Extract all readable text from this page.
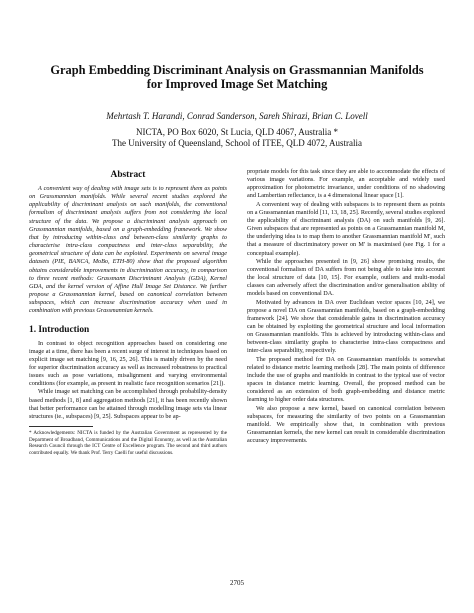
Graph Embedding Discriminant Analysis on Grassmannian Manifolds
for Improved Image Set Matching
Mehrtash T. Harandi, Conrad Sanderson, Sareh Shirazi, Brian C. Lovell
NICTA, PO Box 6020, St Lucia, QLD 4067, Australia *
The University of Queensland, School of ITEE, QLD 4072, Australia
Abstract

A convenient way of dealing with image sets is to represent them as points on Grassmannian manifolds. While several recent studies explored the applicability of discriminant analysis on such manifolds, the conventional formalism of discriminant analysis suffers from not considering the local structure of the data. We propose a discriminant analysis approach on Grassmannian manifolds, based on a graph-embedding framework. We show that by introducing within-class and between-class similarity graphs to characterise intra-class compactness and inter-class separability, the geometrical structure of data can be exploited. Experiments on several image datasets (PIE, BANCA, MoBo, ETH-80) show that the proposed algorithm obtains considerable improvements in discrimination accuracy, in comparison to three recent methods: Grassmann Discriminant Analysis (GDA), Kernel GDA, and the kernel version of Affine Hull Image Set Distance. We further propose a Grassmannian kernel, based on canonical correlation between subspaces, which can increase discrimination accuracy when used in combination with previous Grassmannian kernels.

1. Introduction

In contrast to object recognition approaches based on considering one image at a time, there has been a recent surge of interest in techniques based on explicit image set matching [9, 16, 25, 26]. This is mainly driven by the need for superior discrimination accuracy as well as increased robustness to practical issues such as pose variations, misalignment and varying environmental conditions (for example, as present in realistic face recognition scenarios [21]).

While image set matching can be accomplished through probability-density based methods [1, 8] and aggregation methods [21], it has been recently shown that better performance can be attained through modelling image sets via linear structures (ie., subspaces) [9, 25]. Subspaces appear to be ap-

* Acknowledgements: NICTA is funded by the Australian Government as represented by the Department of Broadband, Communications and the Digital Economy, as well as the Australian Research Council through the ICT Centre of Excellence program. The second and third authors contributed equally. We thank Prof. Terry Caelli for useful discussions.

propriate models for this task since they are able to accommodate the effects of various image variations. For example, an acceptable and widely used approximation for photometric invariance, under conditions of no shadowing and Lambertian reflectance, is a 4 dimensional linear space [1].

A convenient way of dealing with subspaces is to represent them as points on a Grassmannian manifold [11, 13, 18, 25]. Recently, several studies explored the applicability of discriminant analysis (DA) on such manifolds [9, 26]. Given subspaces that are represented as points on a Grassmannian manifold M, the underlying idea is to map them to another Grassmannian manifold M', such that a measure of discriminatory power on M' is maximised (see Fig. 1 for a conceptual example).

While the approaches presented in [9, 26] show promising results, the conventional formalism of DA suffers from not being able to take into account the local structure of data [10, 15]. For example, outliers and multi-modal classes can adversely affect the discrimination and/or generalisation ability of models based on conventional DA.

Motivated by advances in DA over Euclidean vector spaces [10, 24], we propose a novel DA on Grassmannian manifolds, based on a graph-embedding framework [24]. We show that considerable gains in discrimination accuracy can be obtained by exploiting the geometrical structure and local information on Grassmannian manifolds. This is achieved by introducing within-class and between-class similarity graphs to characterise intra-class compactness and inter-class separability, respectively.

The proposed method for DA on Grassmannian manifolds is somewhat related to distance metric learning methods [28]. The main points of difference include the use of graphs and manifolds in contrast to the typical use of vector spaces in distance metric learning. Overall, the proposed method can be considered as an extension of both graph-embedding and distance metric learning to higher order data structures.

We also propose a new kernel, based on canonical correlation between subspaces, for measuring the similarity of two points on a Grassmannian manifold. We empirically show that, in combination with previous Grassmannian kernels, the new kernel can result in considerable discrimination accuracy improvements.

2705
